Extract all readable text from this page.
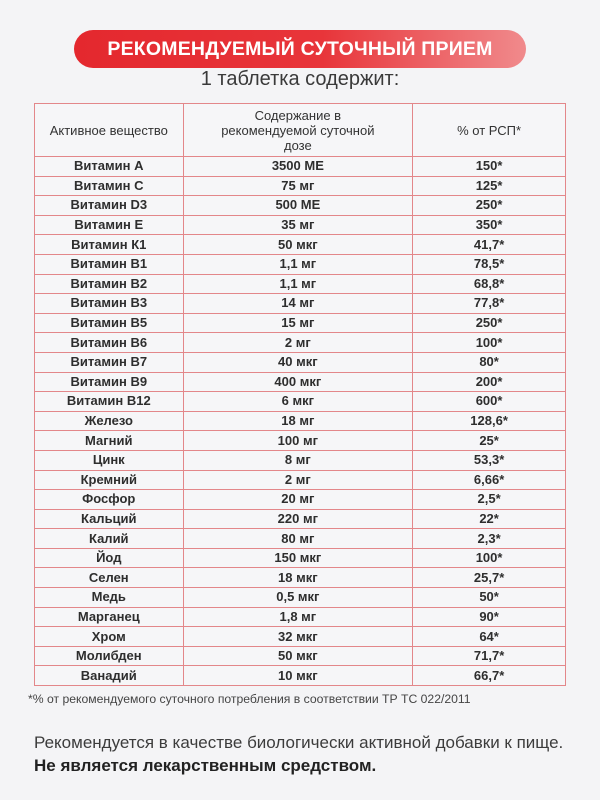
РЕКОМЕНДУЕМЫЙ СУТОЧНЫЙ ПРИЕМ
1 таблетка содержит:
Активное вещество	Содержание в рекомендуемой суточной дозе	% от РСП*
Витамин А	3500 МЕ	150*
Витамин С	75 мг	125*
Витамин D3	500 МЕ	250*
Витамин Е	35 мг	350*
Витамин К1	50 мкг	41,7*
Витамин В1	1,1 мг	78,5*
Витамин В2	1,1 мг	68,8*
Витамин В3	14 мг	77,8*
Витамин В5	15 мг	250*
Витамин В6	2 мг	100*
Витамин В7	40 мкг	80*
Витамин В9	400 мкг	200*
Витамин В12	6 мкг	600*
Железо	18 мг	128,6*
Магний	100 мг	25*
Цинк	8 мг	53,3*
Кремний	2 мг	6,66*
Фосфор	20 мг	2,5*
Кальций	220 мг	22*
Калий	80 мг	2,3*
Йод	150 мкг	100*
Селен	18 мкг	25,7*
Медь	0,5 мкг	50*
Марганец	1,8 мг	90*
Хром	32 мкг	64*
Молибден	50 мкг	71,7*
Ванадий	10 мкг	66,7*
*% от рекомендуемого суточного потребления в соответствии ТР ТС 022/2011
Рекомендуется в качестве биологически активной добавки к пище. Не является лекарственным средством.
